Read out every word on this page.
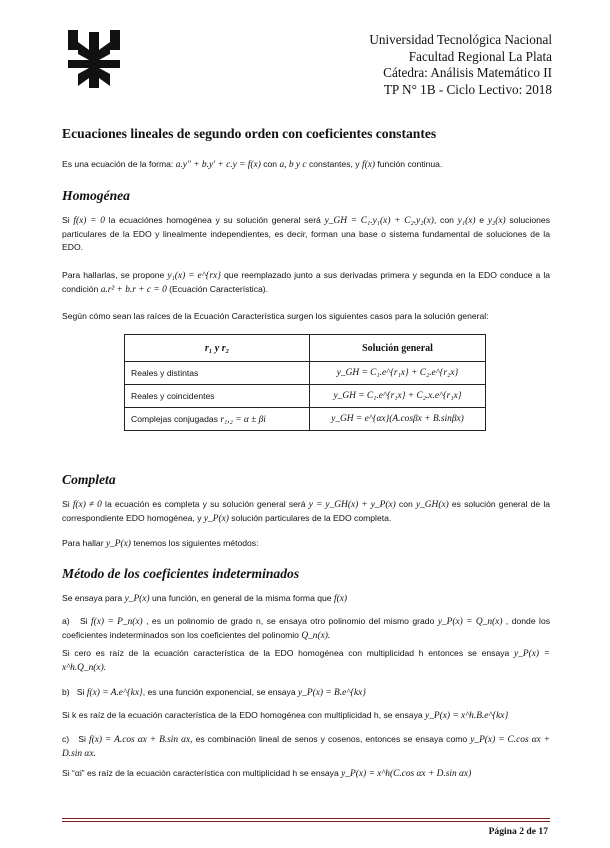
Universidad Tecnológica Nacional
Facultad Regional La Plata
Cátedra: Análisis Matemático II
TP N° 1B - Ciclo Lectivo: 2018
Ecuaciones lineales de segundo orden con coeficientes constantes
Es una ecuación de la forma: a.y'' + b.y' + c.y = f(x) con a, b y c constantes, y f(x) función continua.
Homogénea
Si f(x) = 0 la ecuaciónes homogénea y su solución general será y_GH = C₁.y₁(x) + C₂.y₂(x), con y₁(x) e y₂(x) soluciones particulares de la EDO y linealmente independientes, es decir, forman una base o sistema fundamental de soluciones de la EDO.
Para hallarlas, se propone y₁(x) = e^{rx} que reemplazado junto a sus derivadas primera y segunda en la EDO conduce a la condición a.r² + b.r + c = 0 (Ecuación Característica).
Según cómo sean las raíces de la Ecuación Característica surgen los siguientes casos para la solución general:
r₁ y r₂	Solución general
Reales y distintas	y_GH = C₁.e^{r₁x} + C₂.e^{r₂x}
Reales y coincidentes	y_GH = C₁.e^{r₁x} + C₂.x.e^{r₁x}
Complejas conjugadas r₁,₂ = α ± βi	y_GH = e^{αx}(A.cosβx + B.sinβx)
Completa
Si f(x) ≠ 0 la ecuación es completa y su solución general será y = y_GH(x) + y_P(x) con y_GH(x) es solución general de la correspondiente EDO homogénea, y y_P(x) solución particulares de la EDO completa.
Para hallar y_P(x) tenemos los siguientes métodos:
Método de los coeficientes indeterminados
Se ensaya para y_P(x) una función, en general de la misma forma que f(x)
a) Si f(x) = P_n(x) , es un polinomio de grado n, se ensaya otro polinomio del mismo grado y_P(x) = Q_n(x) , donde los coeficientes indeterminados son los coeficientes del polinomio Q_n(x).
Si cero es raíz de la ecuación característica de la EDO homogénea con multiplicidad h entonces se ensaya y_P(x) = x^h.Q_n(x).
b) Si f(x) = A.e^{kx}, es una función exponencial, se ensaya y_P(x) = B.e^{kx}
Si k es raíz de la ecuación característica de la EDO homogénea con multiplicidad h, se ensaya y_P(x) = x^h.B.e^{kx}
c) Si f(x) = A.cos αx + B.sin αx, es combinación lineal de senos y cosenos, entonces se ensaya como y_P(x) = C.cos αx + D.sin αx.
Si “αi” es raíz de la ecuación característica con multiplicidad h se ensaya y_P(x) = x^h(C.cos αx + D.sin αx)
Página 2 de 17
